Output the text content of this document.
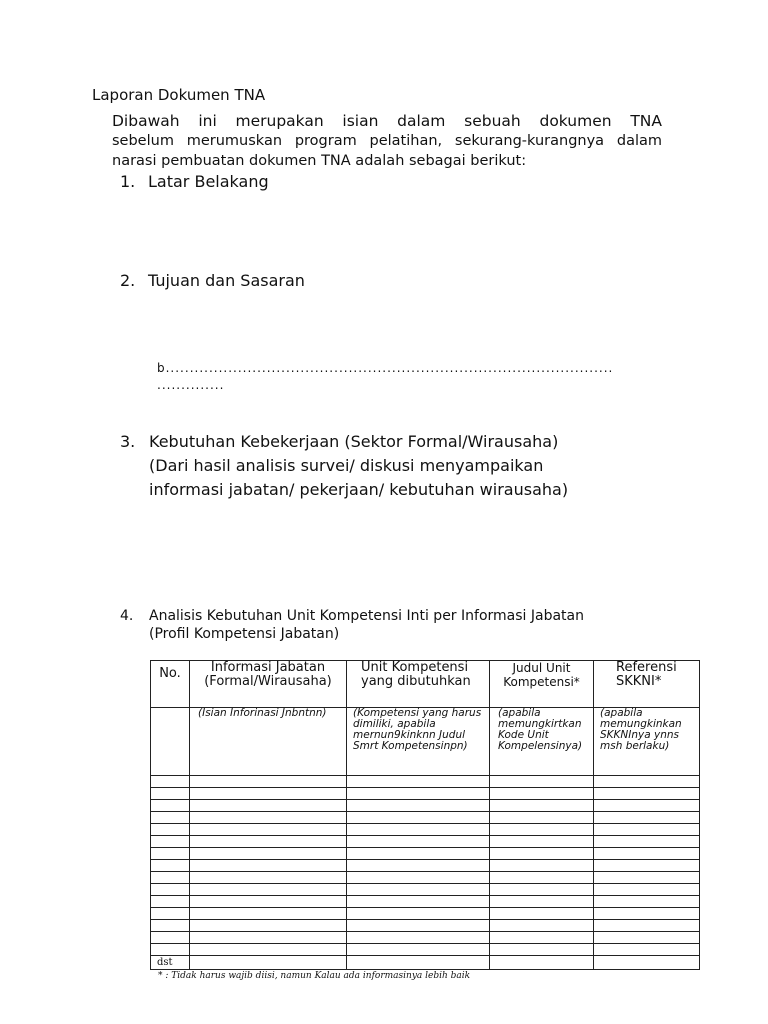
Laporan Dokumen TNA
Dibawah ini merupakan isian dalam sebuah dokumen TNA
sebelum merumuskan program pelatihan, sekurang-kurangnya dalam
narasi pembuatan dokumen TNA adalah sebagai berikut:
1. Latar Belakang
2. Tujuan dan Sasaran
b.............................................................................................
..............
3. Kebutuhan Kebekerjaan (Sektor Formal/Wirausaha) (Dari hasil analisis survei/ diskusi menyampaikan informasi jabatan/ pekerjaan/ kebutuhan wirausaha)
4. Analisis Kebutuhan Unit Kompetensi Inti per Informasi Jabatan
(Profil Kompetensi Jabatan)
No.	Informasi Jabatan (Formal/Wirausaha)	Unit Kompetensi yang dibutuhkan	Judul Unit Kompetensi*	Referensi SKKNI*
	(Isian Inforinasi Jnbntnn)	(Kompetensi yang harus dimiliki, apabila mernun9kinknn Judul Smrt Kompetensinpn)	(apabila memungkirtkan Kode Unit Kompelensinya)	(apabila memungkinkan SKKNInya ynns msh berlaku)

dst				
* : Tidak harus wajib diisi, namun Kalau ada informasinya lebih baik
